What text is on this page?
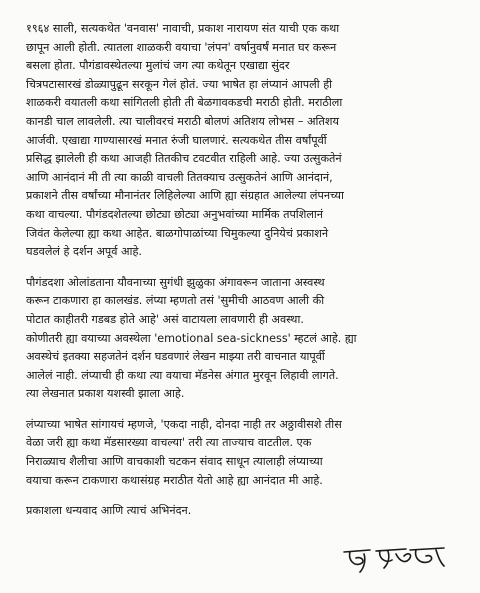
१९६४ साली, सत्यकथेत 'वनवास' नावाची, प्रकाश नारायण संत याची एक कथा
छापून आली होती. त्यातला शाळकरी वयाचा 'लंपन' वर्षानुवर्षं मनात घर करून
बसला होता. पौगंडावस्थेतल्या मुलांचं जग त्या कथेतून एखाद्या सुंदर
चित्रपटासारखं डोळ्यापुढून सरकून गेलं होतं. ज्या भाषेत हा लंप्यानं आपली ही
शाळकरी वयातली कथा सांगितली होती ती बेळगावकडची मराठी होती. मराठीला
कानडी चाल लावलेली. त्या चालीवरचं मराठी बोलणं अतिशय लोभस – अतिशय
आर्जवी. एखाद्या गाण्यासारखं मनात रुंजी घालणारं. सत्यकथेत तीस वर्षांपूर्वी
प्रसिद्ध झालेली ही कथा आजही तितकीच टवटवीत राहिली आहे. ज्या उत्सुकतेनं
आणि आनंदानं मी ती त्या काळी वाचली तितक्याच उत्सुकतेनं आणि आनंदानं,
प्रकाशने तीस वर्षांच्या मौनानंतर लिहिलेल्या आणि ह्या संग्रहात आलेल्या लंपनच्या
कथा वाचल्या. पौगंडदशेतल्या छोट्या छोट्या अनुभवांच्या मार्मिक तपशिलानं
जिवंत केलेल्या ह्या कथा आहेत. बाळगोपाळांच्या चिमुकल्या दुनियेचं प्रकाशने
घडवलेलं हे दर्शन अपूर्व आहे.

पौगंडदशा ओलांडताना यौवनाच्या सुगंधी झुळुका अंगावरून जाताना अस्वस्थ
करून टाकणारा हा कालखंड. लंप्या म्हणतो तसं 'सुमीची आठवण आली की
पोटात काहीतरी गडबड होते आहे' असं वाटायला लावणारी ही अवस्था.
कोणीतरी ह्या वयाच्या अवस्थेला 'emotional sea-sickness' म्हटलं आहे. ह्या
अवस्थेचं इतक्या सहजतेनं दर्शन घडवणारं लेखन माझ्या तरी वाचनात यापूर्वी
आलेलं नाही. लंप्याची ही कथा त्या वयाचा मॅडनेस अंगात मुरवून लिहावी लागते.
त्या लेखनात प्रकाश यशस्वी झाला आहे.

लंप्याच्या भाषेत सांगायचं म्हणजे, 'एकदा नाही, दोनदा नाही तर अठ्ठावीसशे तीस
वेळा जरी ह्या कथा मॅडसारख्या वाचल्या' तरी त्या ताज्याच वाटतील. एक
निराळ्याच शैलीचा आणि वाचकाशी चटकन संवाद साधून त्यालाही लंप्याच्या
वयाचा करून टाकणारा कथासंग्रह मराठीत येतो आहे ह्या आनंदात मी आहे.

प्रकाशला धन्यवाद आणि त्याचं अभिनंदन.
